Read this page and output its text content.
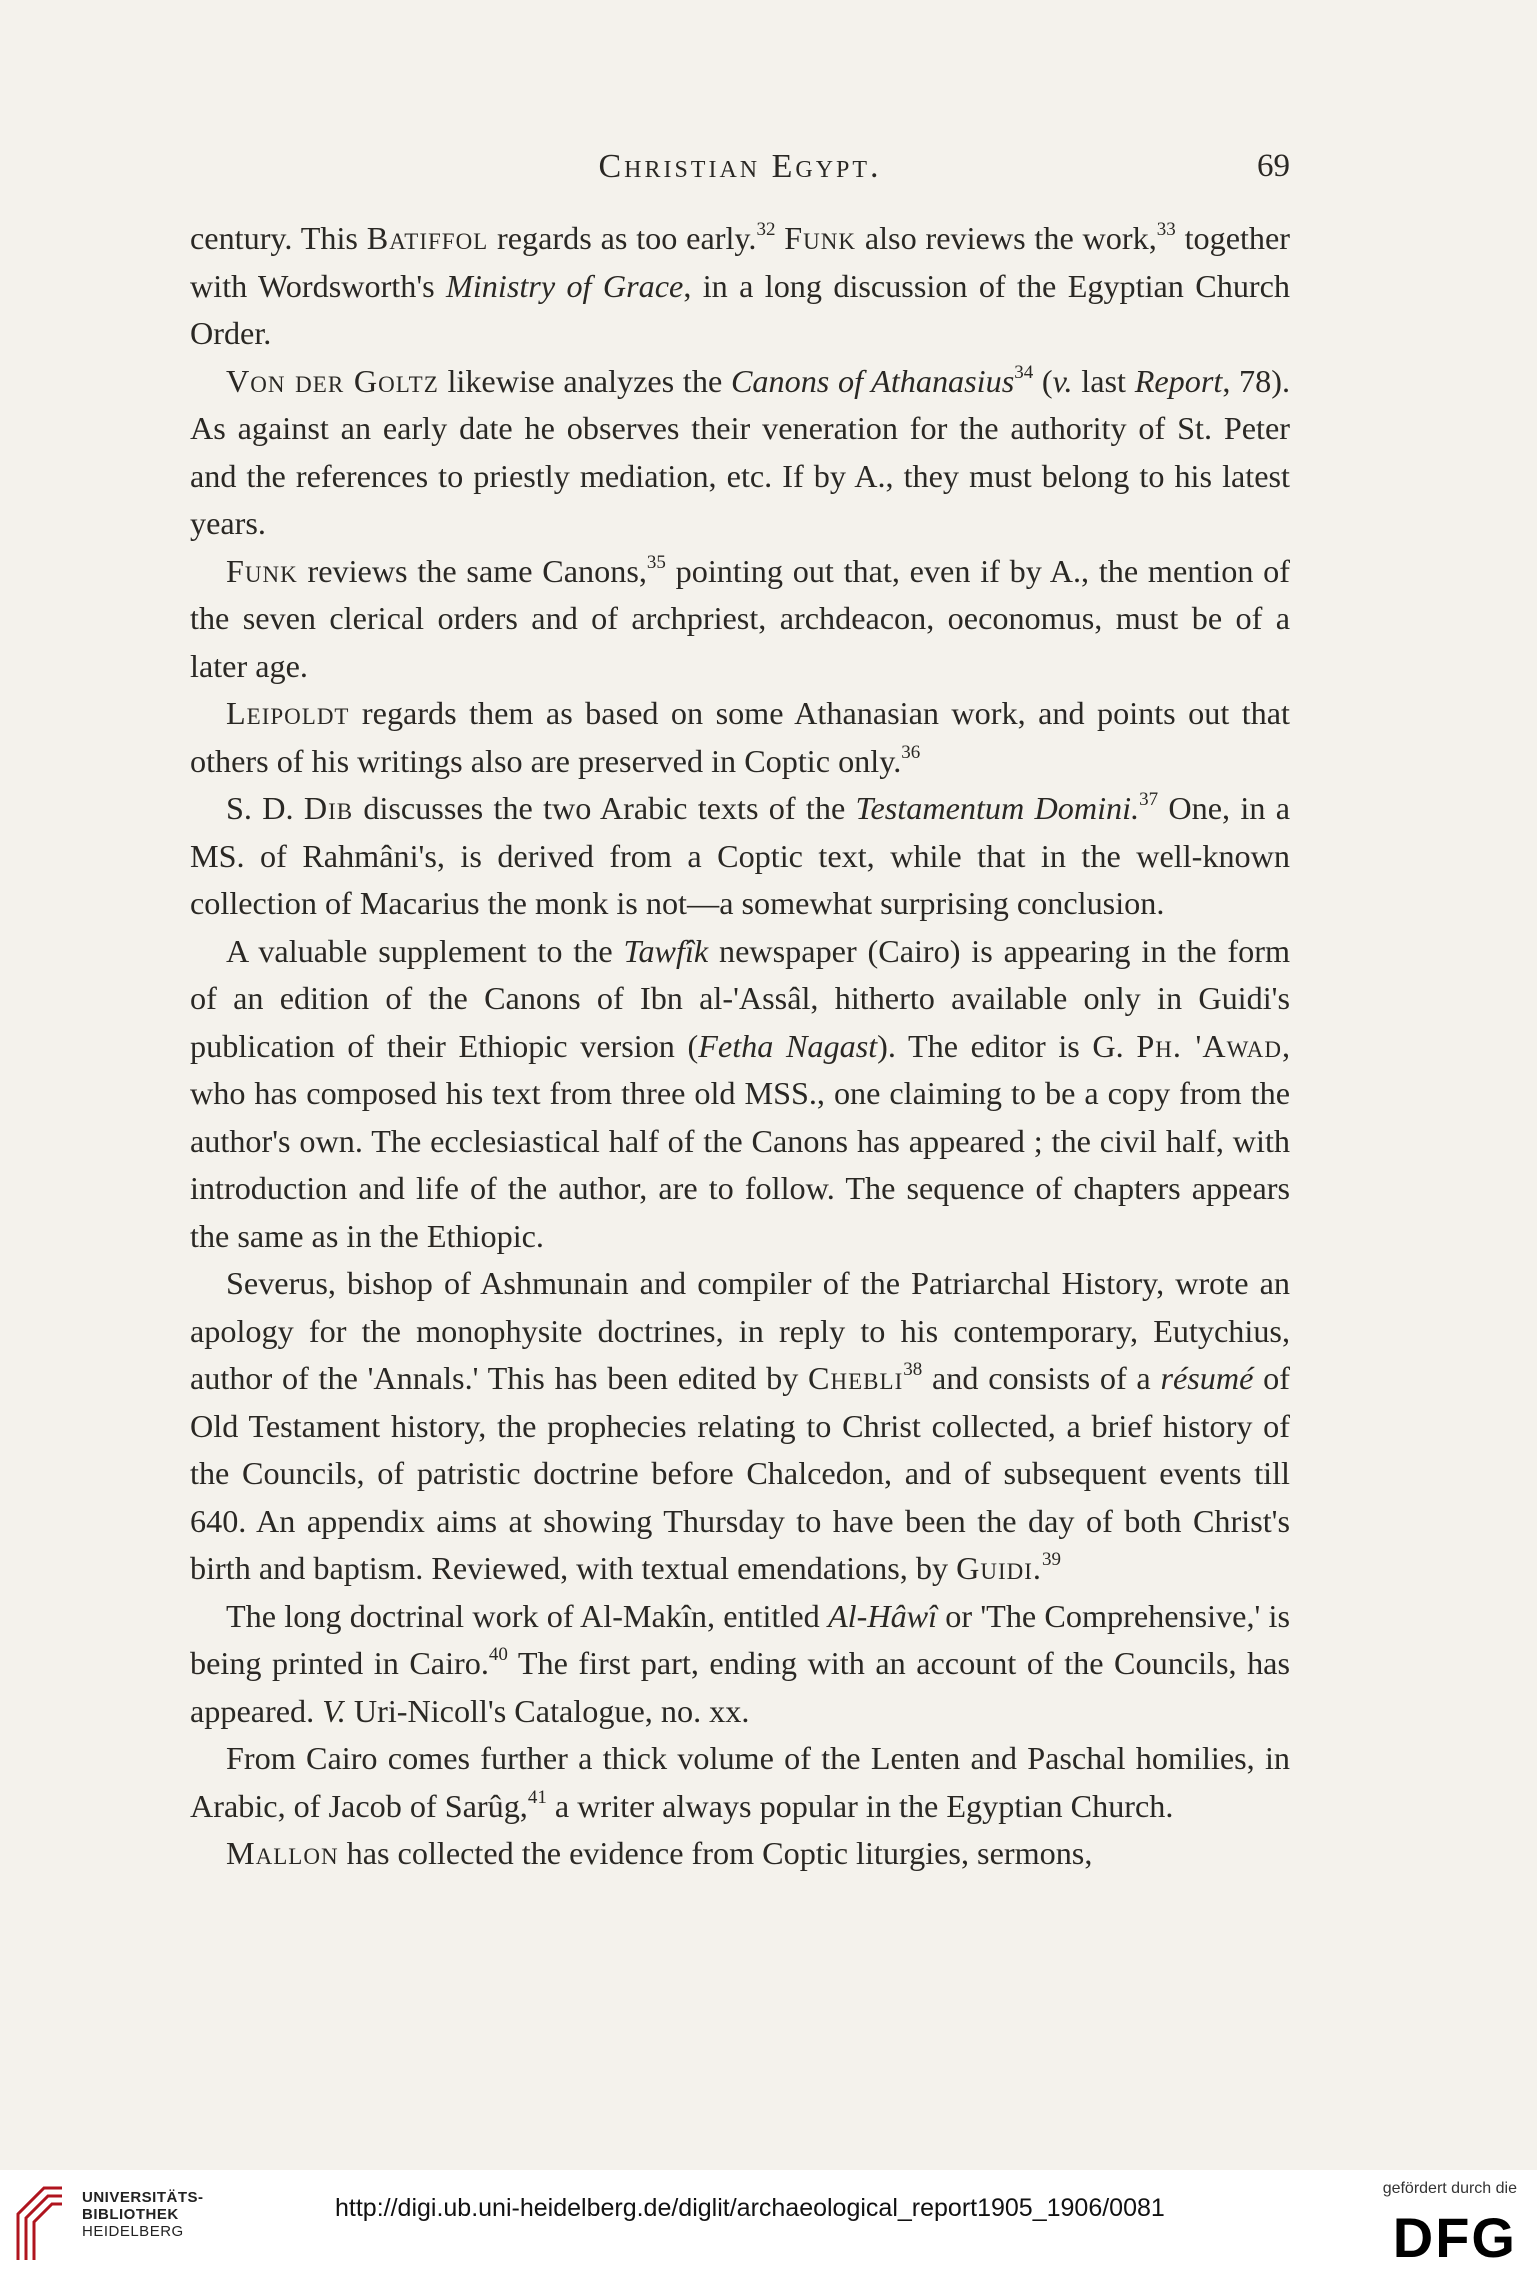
Christian Egypt.	69

century. This Batiffol regards as too early.$^{32}$ Funk also reviews the work,$^{33}$ together with Wordsworth's Ministry of Grace, in a long discussion of the Egyptian Church Order.

Von der Goltz likewise analyzes the Canons of Athanasius$^{34}$ (v. last Report, 78). As against an early date he observes their veneration for the authority of St. Peter and the references to priestly mediation, etc. If by A., they must belong to his latest years.

Funk reviews the same Canons,$^{35}$ pointing out that, even if by A., the mention of the seven clerical orders and of archpriest, archdeacon, oeconomus, must be of a later age.

Leipoldt regards them as based on some Athanasian work, and points out that others of his writings also are preserved in Coptic only.$^{36}$

S. D. Dib discusses the two Arabic texts of the Testamentum Domini.$^{37}$ One, in a MS. of Rahmâni's, is derived from a Coptic text, while that in the well-known collection of Macarius the monk is not—a somewhat surprising conclusion.

A valuable supplement to the Tawfîk newspaper (Cairo) is appearing in the form of an edition of the Canons of Ibn al-'Assâl, hitherto available only in Guidi's publication of their Ethiopic version (Fetha Nagast). The editor is G. Ph. 'Awad, who has composed his text from three old MSS., one claiming to be a copy from the author's own. The ecclesiastical half of the Canons has appeared ; the civil half, with introduction and life of the author, are to follow. The sequence of chapters appears the same as in the Ethiopic.

Severus, bishop of Ashmunain and compiler of the Patriarchal History, wrote an apology for the monophysite doctrines, in reply to his contemporary, Eutychius, author of the 'Annals.' This has been edited by Chebli$^{38}$ and consists of a résumé of Old Testament history, the prophecies relating to Christ collected, a brief history of the Councils, of patristic doctrine before Chalcedon, and of subsequent events till 640. An appendix aims at showing Thursday to have been the day of both Christ's birth and baptism. Reviewed, with textual emendations, by Guidi.$^{39}$

The long doctrinal work of Al-Makîn, entitled Al-Hâwî or 'The Comprehensive,' is being printed in Cairo.$^{40}$ The first part, ending with an account of the Councils, has appeared. V. Uri-Nicoll's Catalogue, no. xx.

From Cairo comes further a thick volume of the Lenten and Paschal homilies, in Arabic, of Jacob of Sarûg,$^{41}$ a writer always popular in the Egyptian Church.

Mallon has collected the evidence from Coptic liturgies, sermons,

UNIVERSITÄTS-
BIBLIOTHEK
HEIDELBERG
http://digi.ub.uni-heidelberg.de/diglit/archaeological_report1905_1906/0081
gefördert durch die
DFG
